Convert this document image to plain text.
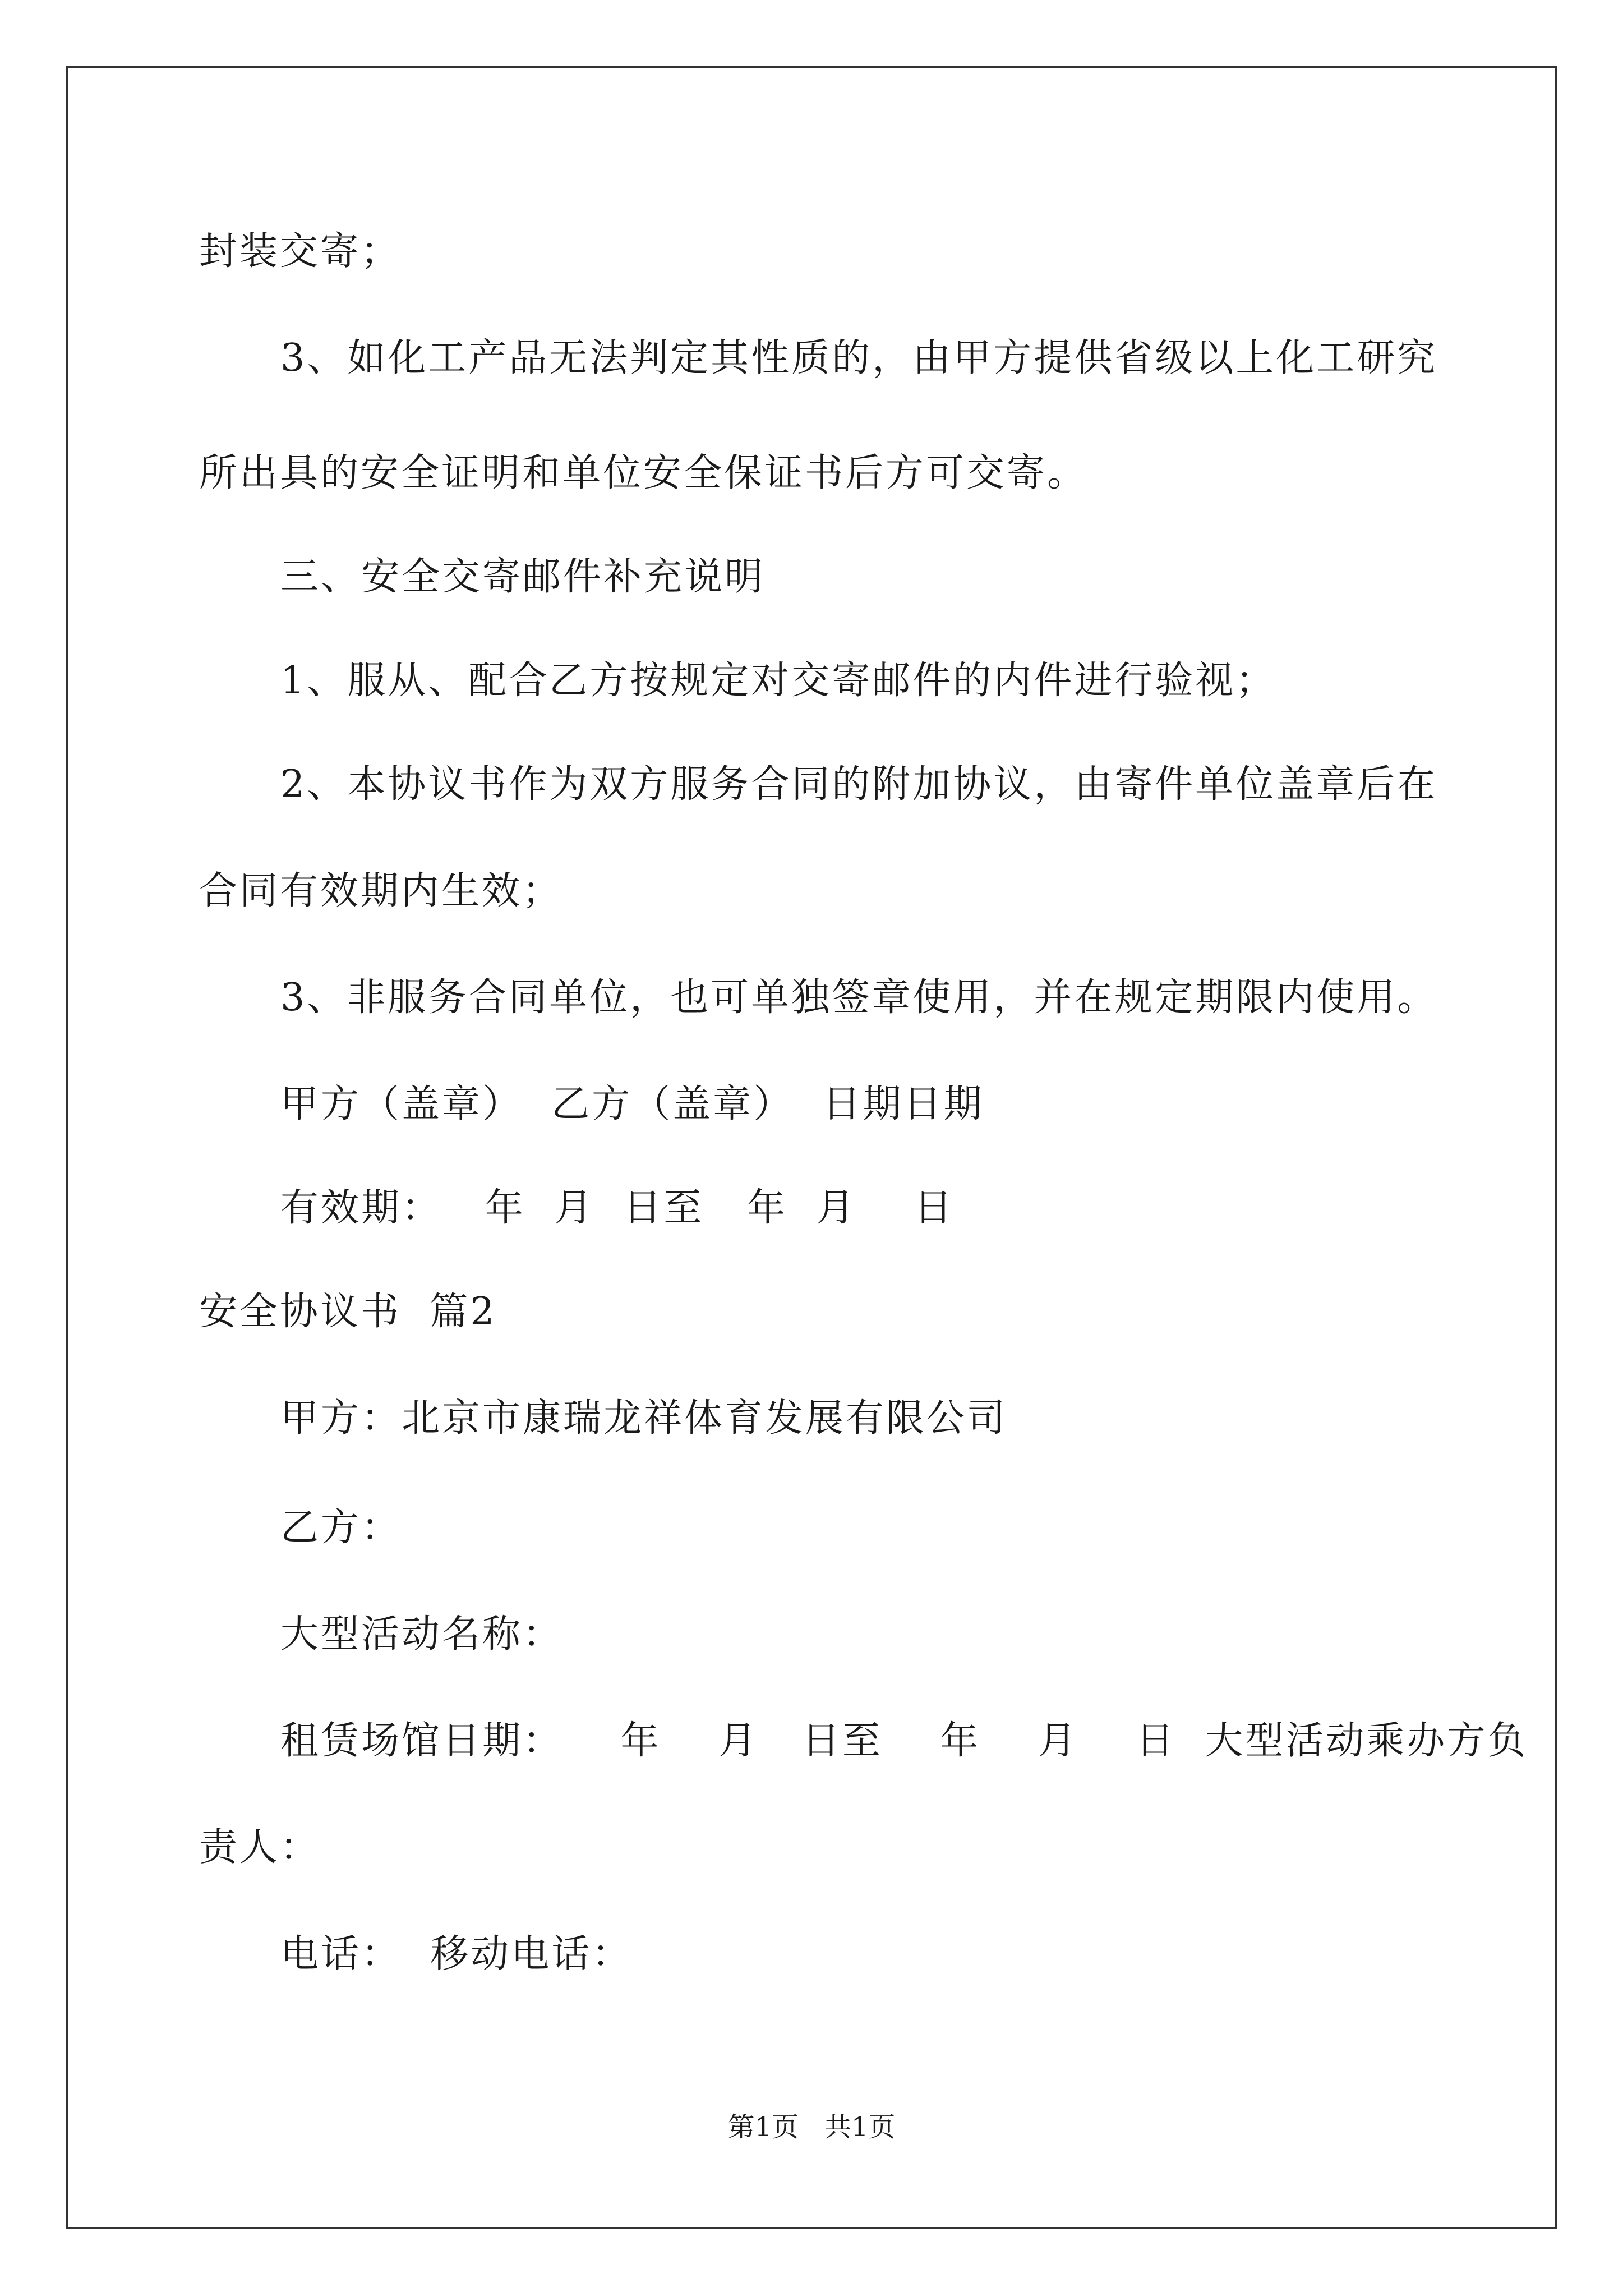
封装交寄；
3、如化工产品无法判定其性质的，由甲方提供省级以上化工研究
所出具的安全证明和单位安全保证书后方可交寄。
三、安全交寄邮件补充说明
1、服从、配合乙方按规定对交寄邮件的内件进行验视；
2、本协议书作为双方服务合同的附加协议，由寄件单位盖章后在
合同有效期内生效；
3、非服务合同单位，也可单独签章使用，并在规定期限内使用。
甲方（盖章）  乙方（盖章）  日期日期
有效期：   年  月  日至   年  月    日
安全协议书  篇2
甲方：北京市康瑞龙祥体育发展有限公司
乙方：
大型活动名称：
租赁场馆日期：    年    月   日至    年    月    日  大型活动乘办方负
责人：
电话：  移动电话：
第1页   共1页
